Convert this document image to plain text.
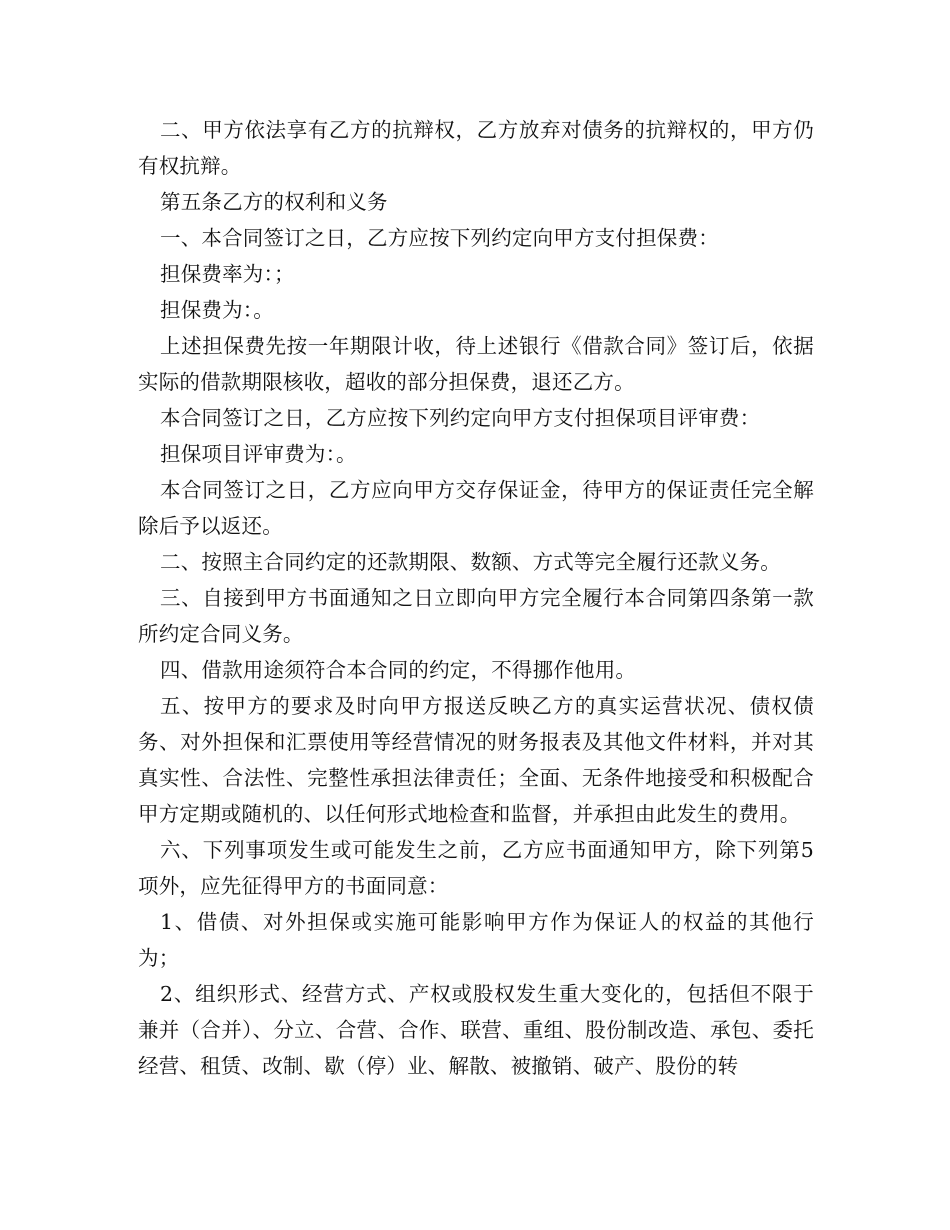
二、甲方依法享有乙方的抗辩权，乙方放弃对债务的抗辩权的，甲方仍有权抗辩。

第五条乙方的权利和义务

一、本合同签订之日，乙方应按下列约定向甲方支付担保费：

担保费率为：；

担保费为：。

上述担保费先按一年期限计收，待上述银行《借款合同》签订后，依据实际的借款期限核收，超收的部分担保费，退还乙方。

本合同签订之日，乙方应按下列约定向甲方支付担保项目评审费：

担保项目评审费为：。

本合同签订之日，乙方应向甲方交存保证金，待甲方的保证责任完全解除后予以返还。

二、按照主合同约定的还款期限、数额、方式等完全履行还款义务。

三、自接到甲方书面通知之日立即向甲方完全履行本合同第四条第一款所约定合同义务。

四、借款用途须符合本合同的约定，不得挪作他用。

五、按甲方的要求及时向甲方报送反映乙方的真实运营状况、债权债务、对外担保和汇票使用等经营情况的财务报表及其他文件材料，并对其真实性、合法性、完整性承担法律责任；全面、无条件地接受和积极配合甲方定期或随机的、以任何形式地检查和监督，并承担由此发生的费用。

六、下列事项发生或可能发生之前，乙方应书面通知甲方，除下列第5项外，应先征得甲方的书面同意：

1、借债、对外担保或实施可能影响甲方作为保证人的权益的其他行为；

2、组织形式、经营方式、产权或股权发生重大变化的，包括但不限于兼并（合并）、分立、合营、合作、联营、重组、股份制改造、承包、委托经营、租赁、改制、歇（停）业、解散、被撤销、破产、股份的转
